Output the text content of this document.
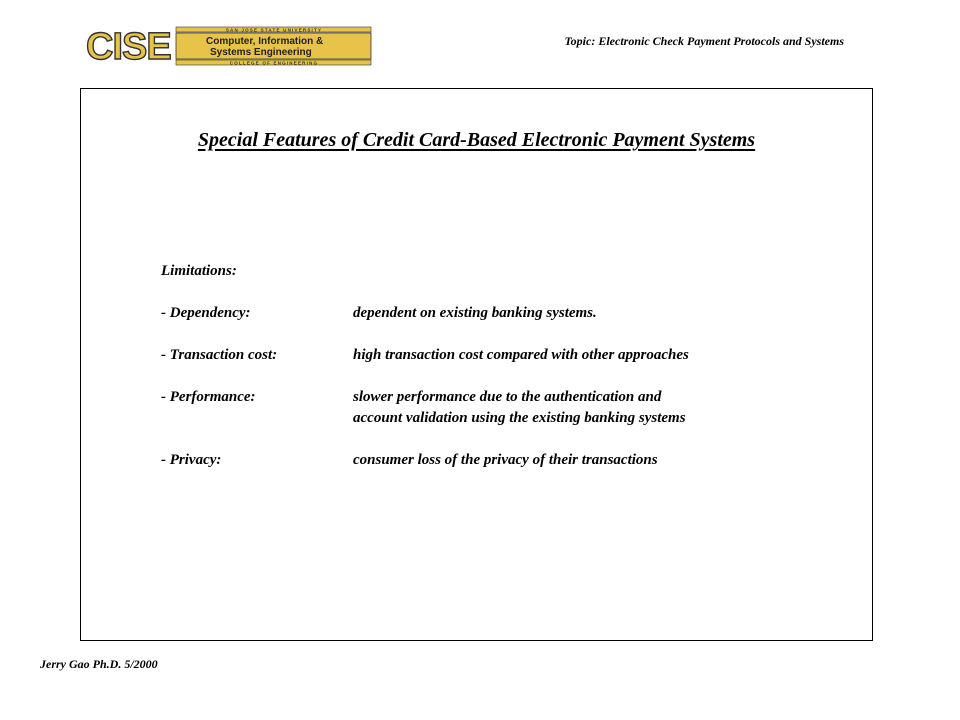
CISE	SAN JOSE STATE UNIVERSITY
Computer, Information &
Systems Engineering
COLLEGE OF ENGINEERING
Topic: Electronic Check Payment Protocols and Systems
Special Features of Credit Card-Based Electronic Payment Systems
Limitations:
- Dependency:	dependent on existing banking systems.
- Transaction cost:	high transaction cost compared with other approaches
- Performance:	slower performance due to the authentication and
account validation using the existing banking systems
- Privacy:	consumer loss of the privacy of their transactions
Jerry Gao Ph.D. 5/2000
